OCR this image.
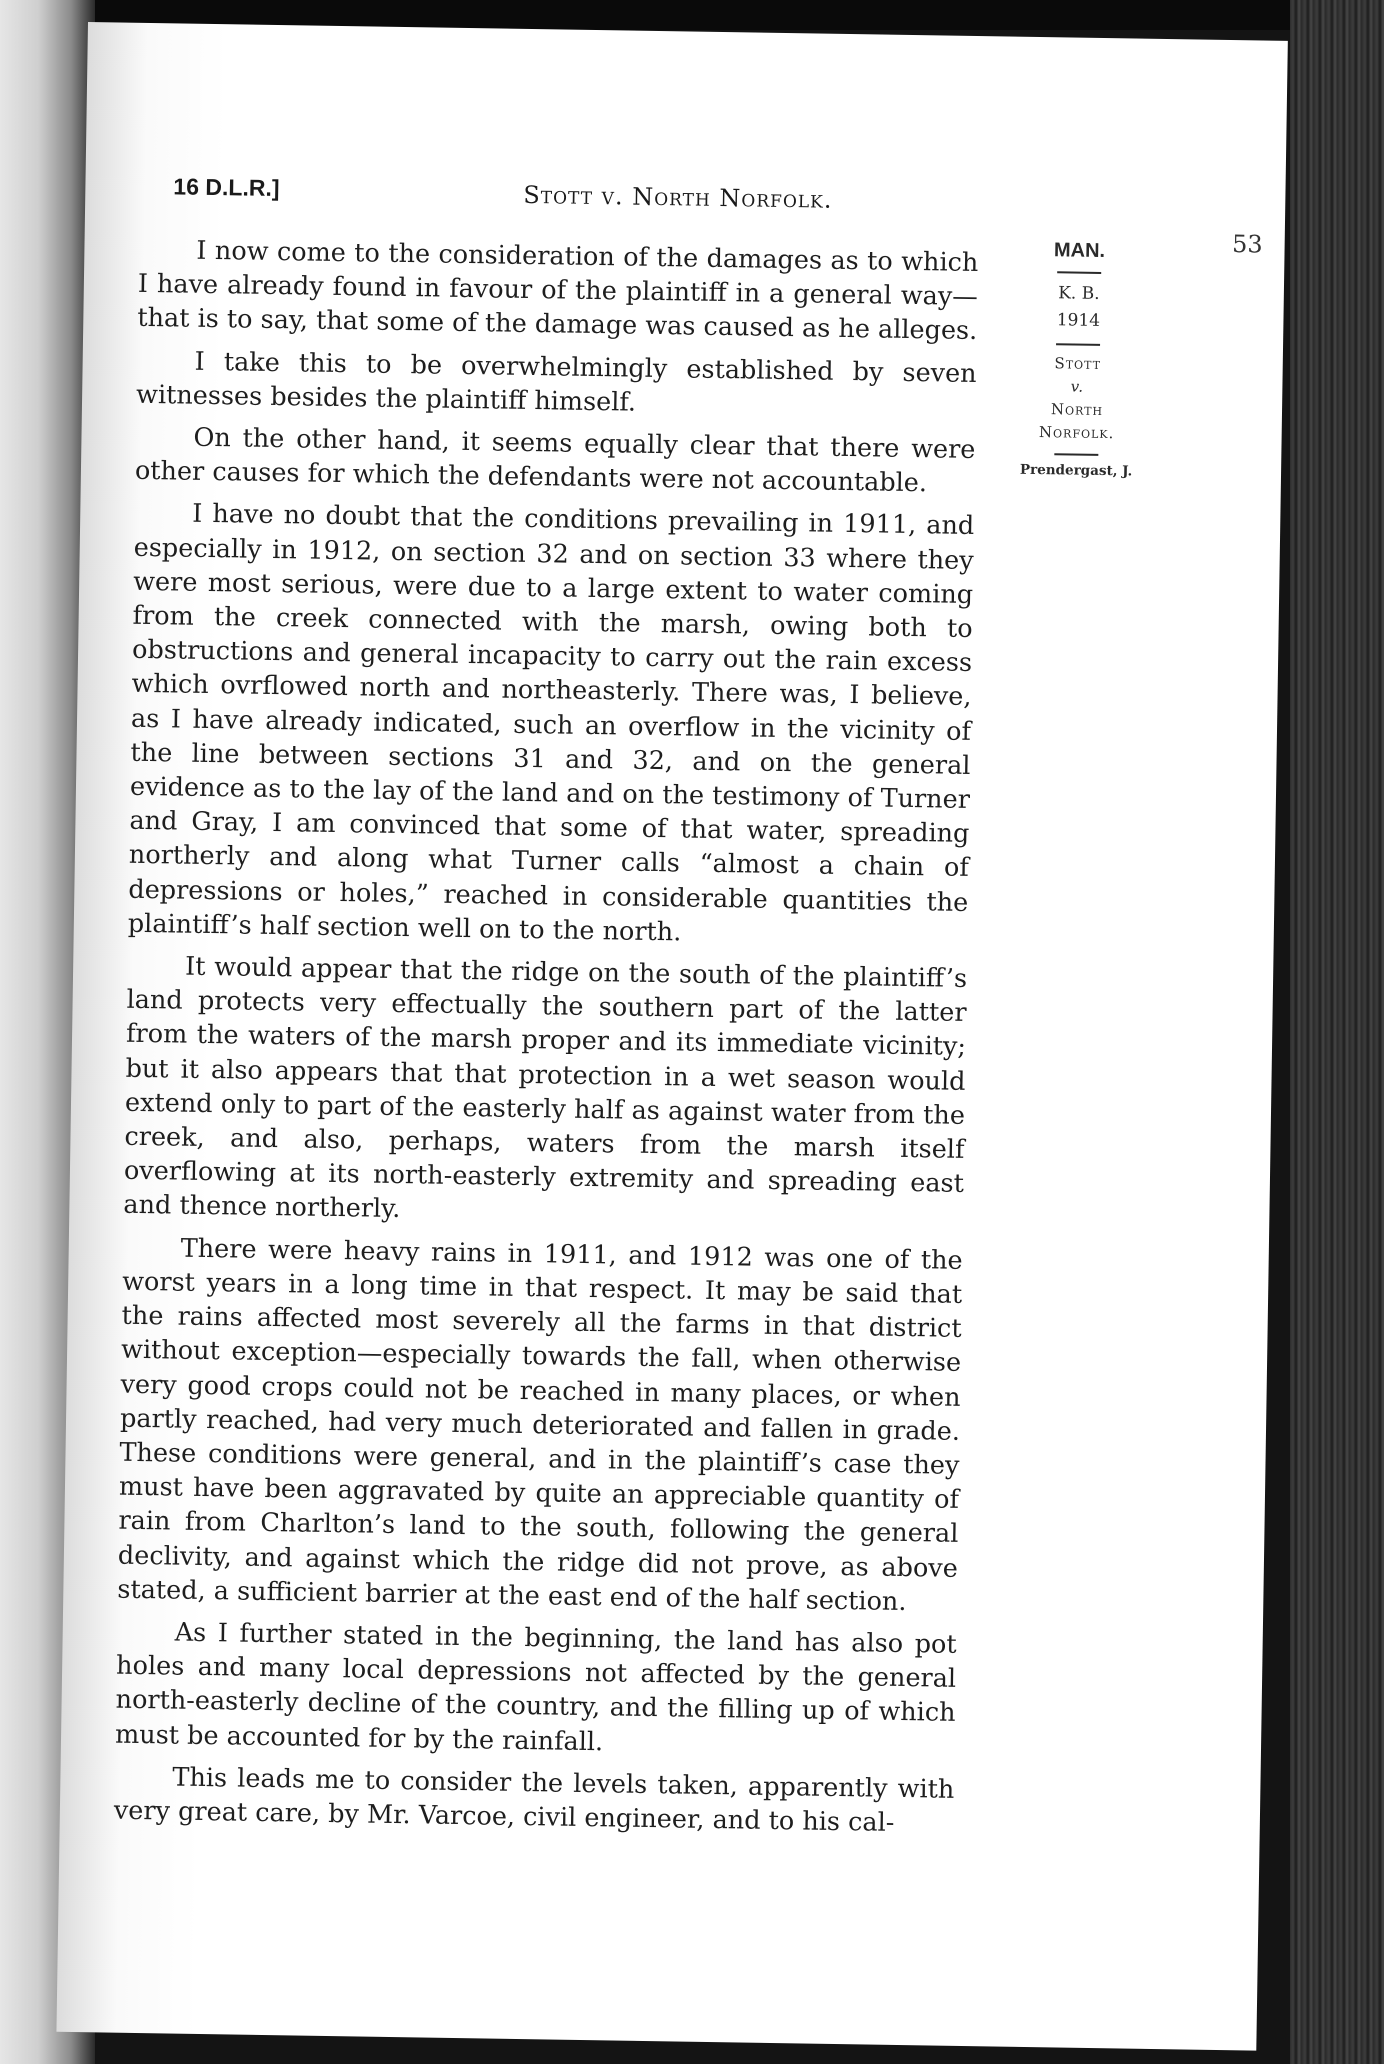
16 D.L.R.]	Stott v. North Norfolk.
53

I now come to the consideration of the damages as to which I have already found in favour of the plaintiff in a general way—that is to say, that some of the damage was caused as he alleges.

I take this to be overwhelmingly established by seven witnesses besides the plaintiff himself.

On the other hand, it seems equally clear that there were other causes for which the defendants were not accountable.

I have no doubt that the conditions prevailing in 1911, and especially in 1912, on section 32 and on section 33 where they were most serious, were due to a large extent to water coming from the creek connected with the marsh, owing both to obstructions and general incapacity to carry out the rain excess which ovrflowed north and northeasterly. There was, I believe, as I have already indicated, such an overflow in the vicinity of the line between sections 31 and 32, and on the general evidence as to the lay of the land and on the testimony of Turner and Gray, I am convinced that some of that water, spreading northerly and along what Turner calls “almost a chain of depressions or holes,” reached in considerable quantities the plaintiff’s half section well on to the north.

It would appear that the ridge on the south of the plaintiff’s land protects very effectually the southern part of the latter from the waters of the marsh proper and its immediate vicinity; but it also appears that that protection in a wet season would extend only to part of the easterly half as against water from the creek, and also, perhaps, waters from the marsh itself overflowing at its north-easterly extremity and spreading east and thence northerly.

There were heavy rains in 1911, and 1912 was one of the worst years in a long time in that respect. It may be said that the rains affected most severely all the farms in that district without exception—especially towards the fall, when otherwise very good crops could not be reached in many places, or when partly reached, had very much deteriorated and fallen in grade. These conditions were general, and in the plaintiff’s case they must have been aggravated by quite an appreciable quantity of rain from Charlton’s land to the south, following the general declivity, and against which the ridge did not prove, as above stated, a sufficient barrier at the east end of the half section.

As I further stated in the beginning, the land has also pot holes and many local depressions not affected by the general north-easterly decline of the country, and the filling up of which must be accounted for by the rainfall.

This leads me to consider the levels taken, apparently with very great care, by Mr. Varcoe, civil engineer, and to his cal-

MAN.
K. B.
1914
Stott
v.
North
Norfolk.
Prendergast, J.
